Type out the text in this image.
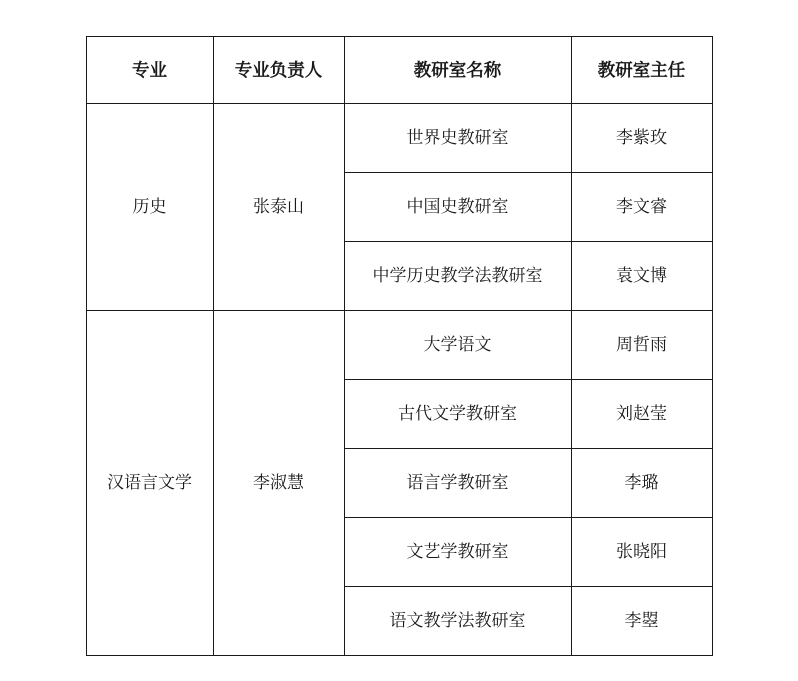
专业	专业负责人	教研室名称	教研室主任
历史	张泰山	世界史教研室	李紫玫
		中国史教研室	李文睿
		中学历史教学法教研室	袁文博
汉语言文学	李淑慧	大学语文	周哲雨
		古代文学教研室	刘赵莹
		语言学教研室	李璐
		文艺学教研室	张晓阳
		语文教学法教研室	李曌
